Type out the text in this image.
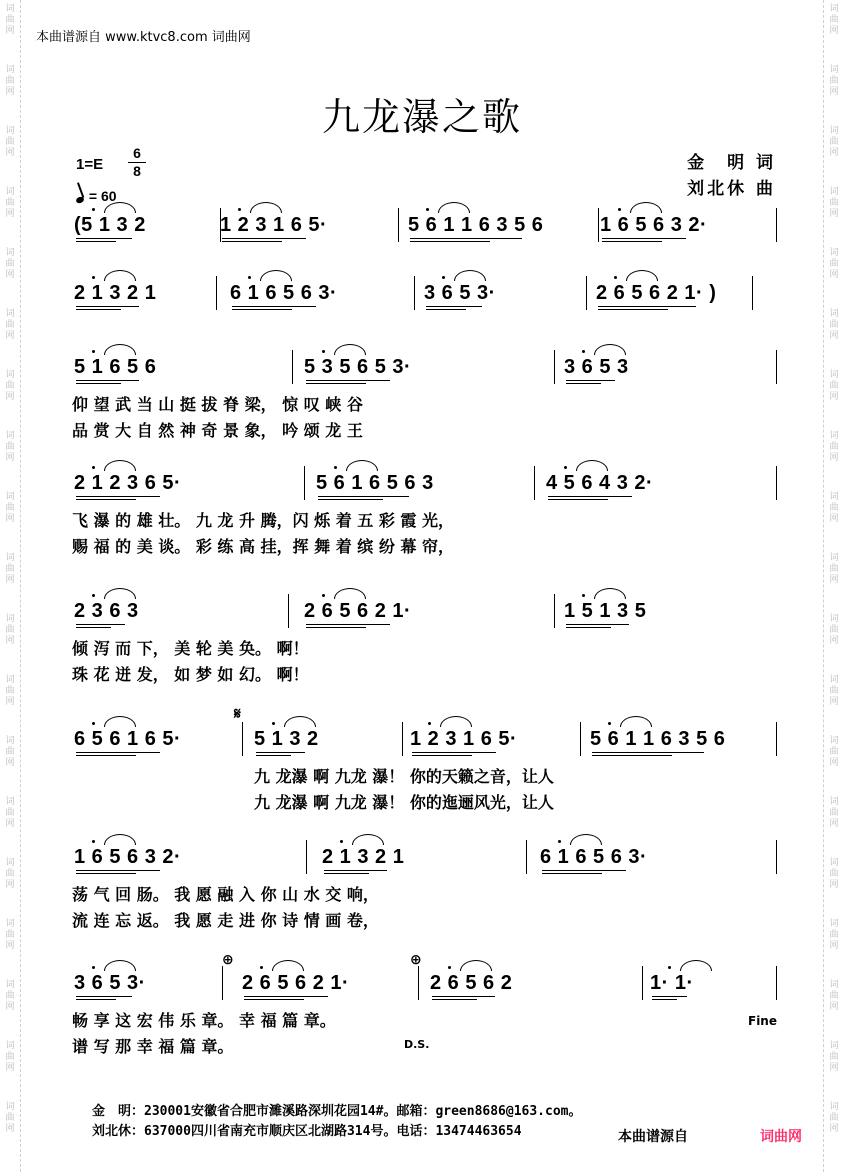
词
曲
网
词
曲
网
词
曲
网
词
曲
网
词
曲
网
词
曲
网
词
曲
网
词
曲
网
词
曲
网
词
曲
网
词
曲
网
词
曲
网
词
曲
网
词
曲
网
词
曲
网
词
曲
网
词
曲
网
词
曲
网
词
曲
网
词
曲
网
词
曲
网
词
曲
网
词
曲
网
词
曲
网
词
曲
网
词
曲
网
词
曲
网
词
曲
网
词
曲
网
词
曲
网
词
曲
网
词
曲
网
词
曲
网
词
曲
网
词
曲
网
词
曲
网
词
曲
网
词
曲
网
本曲谱源自 www.ktvc8.com 词曲网
九龙瀑之歌
1=E
6
8
= 60
金　明 词
刘北休 曲
(5 1 3 2	1 2 3 1 6 5·	5 6 1 1 6 3 5 6	1 6 5 6 3 2·
2 1 3 2 1	6 1 6 5 6 3·	3 6 5 3·	2 6 5 6 2 1· )
5 1 6 5 6	5 3 5 6 5 3·	3 6 5 3
仰 望 武 当 山 挺 拔 脊 梁， 惊 叹 峡 谷
品 赏 大 自 然 神 奇 景 象， 吟 颂 龙 王
2 1 2 3 6 5·	5 6 1 6 5 6 3	4 5 6 4 3 2·
飞 瀑 的 雄 壮。 九 龙 升 腾，闪 烁 着 五 彩 霞 光，
赐 福 的 美 谈。 彩 练 高 挂，挥 舞 着 缤 纷 幕 帘，
2 3 6 3	2 6 5 6 2 1·	1 5 1 3 5
倾 泻 而 下， 美 轮 美 奂。 啊！
珠 花 迸 发， 如 梦 如 幻。 啊！
6 5 6 1 6 5·	5 1 3 2	1 2 3 1 6 5·	5 6 1 1 6 3 5 6
九 龙瀑 啊 九龙 瀑！ 你的天籁之音，让人
九 龙瀑 啊 九龙 瀑！ 你的迤逦风光，让人
1 6 5 6 3 2·	2 1 3 2 1	6 1 6 5 6 3·
荡 气 回 肠。 我 愿 融 入 你 山 水 交 响，
流 连 忘 返。 我 愿 走 进 你 诗 情 画 卷，
3 6 5 3·	2 6 5 6 2 1·	2 6 5 6 2	1· 1·
畅 享 这 宏 伟 乐 章。 幸 福 篇 章。
谱 写 那 幸 福 篇 章。
金　明：230001安徽省合肥市濉溪路深圳花园14#。邮箱：green8686@163.com。
刘北休：637000四川省南充市顺庆区北湖路314号。电话：13474463654	本曲谱源自	词曲网
𝄋
⊕	⊕
Fine
D.S.
